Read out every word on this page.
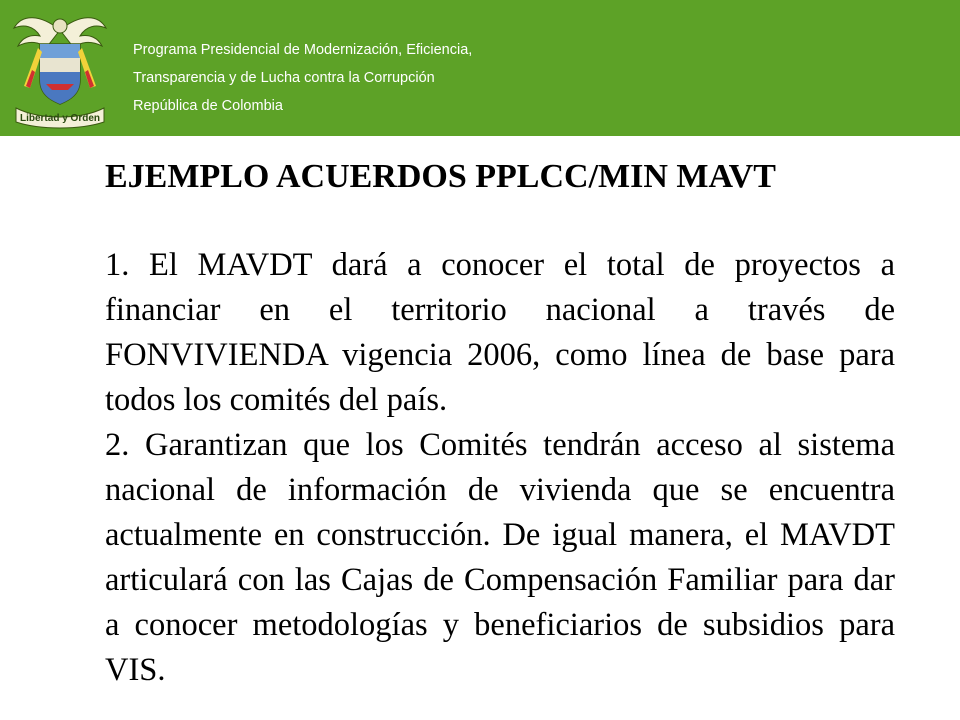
Libertad y Orden
Programa Presidencial de Modernización, Eficiencia,
Transparencia y de Lucha contra la Corrupción
República de Colombia
EJEMPLO ACUERDOS PPLCC/MIN MAVT

1. El MAVDT dará a conocer el total de proyectos a financiar en el territorio nacional a través de FONVIVIENDA vigencia 2006, como línea de base para todos los comités del país.

2. Garantizan que los Comités tendrán acceso al sistema nacional de información de vivienda que se encuentra actualmente en construcción. De igual manera, el MAVDT articulará con las Cajas de Compensación Familiar para dar a conocer metodologías y beneficiarios de subsidios para VIS.
